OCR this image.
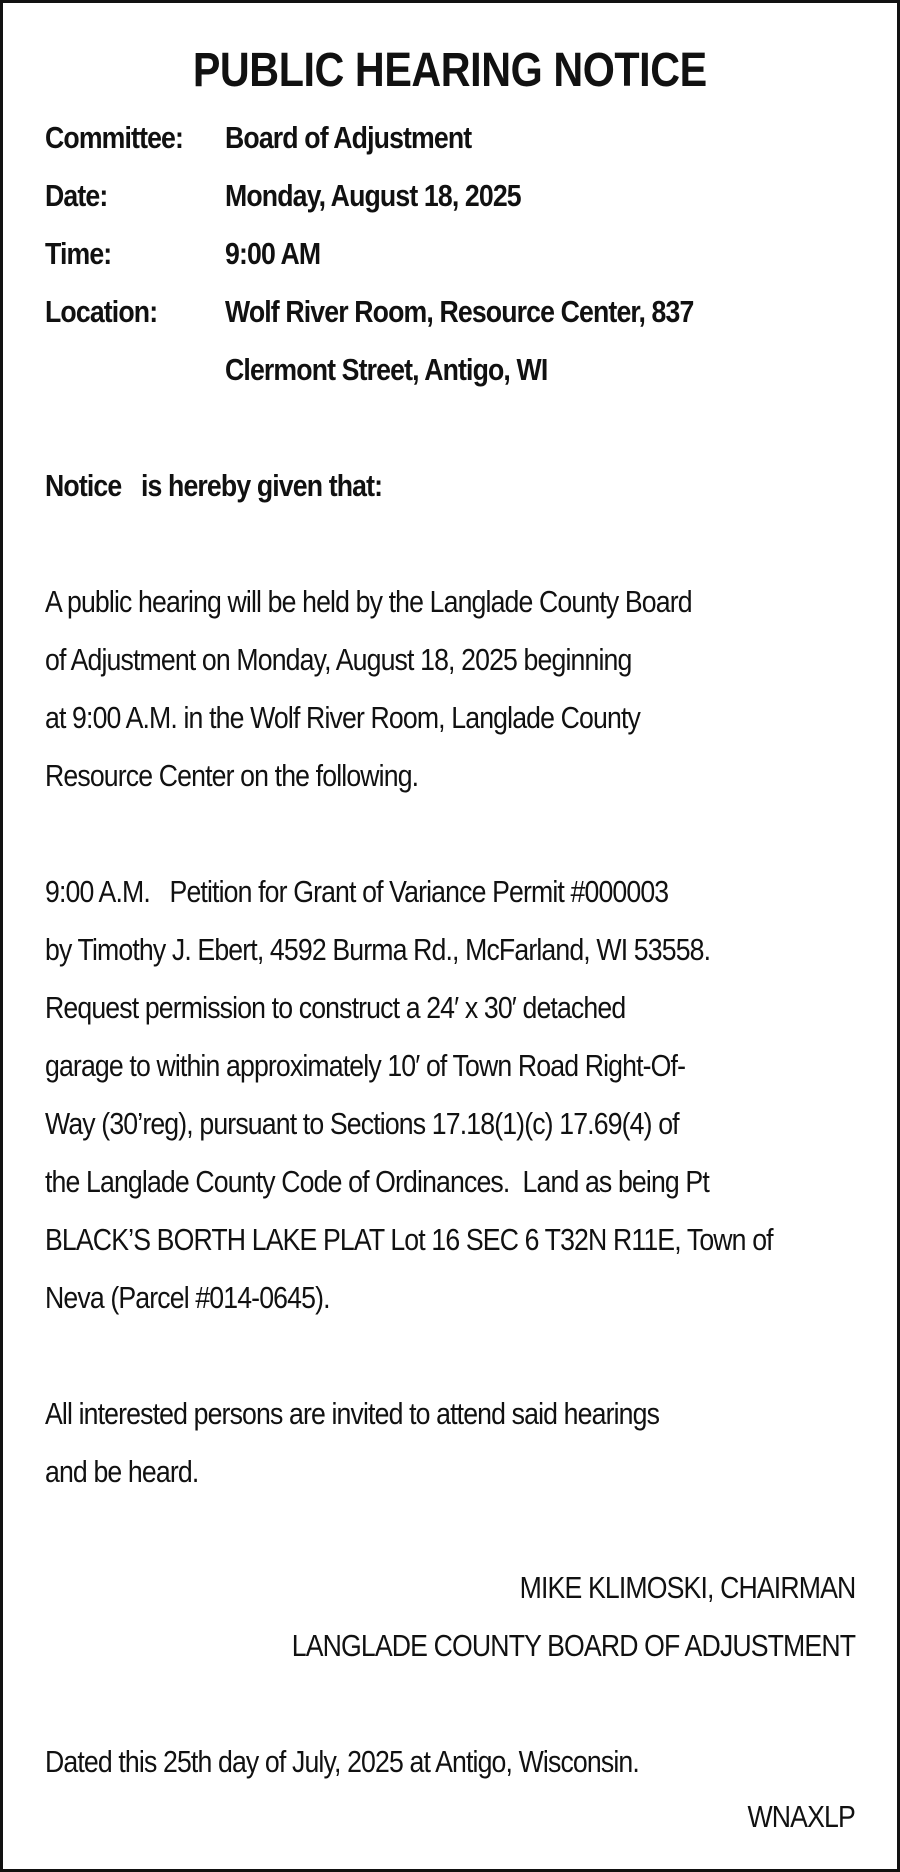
PUBLIC HEARING NOTICE
Committee:	Board of Adjustment
Date:	Monday, August 18, 2025
Time:	9:00 AM
Location:	Wolf River Room, Resource Center, 837
Clermont Street, Antigo, WI
Notice   is hereby given that:
A public hearing will be held by the Langlade County Board
of Adjustment on Monday, August 18, 2025 beginning
at 9:00 A.M. in the Wolf River Room, Langlade County
Resource Center on the following.
9:00 A.M.   Petition for Grant of Variance Permit #000003
by Timothy J. Ebert, 4592 Burma Rd., McFarland, WI 53558.
Request permission to construct a 24′ x 30′ detached
garage to within approximately 10′ of Town Road Right-Of-
Way (30’reg), pursuant to Sections 17.18(1)(c) 17.69(4) of
the Langlade County Code of Ordinances.  Land as being Pt
BLACK’S BORTH LAKE PLAT Lot 16 SEC 6 T32N R11E, Town of
Neva (Parcel #014-0645).
All interested persons are invited to attend said hearings
and be heard.
MIKE KLIMOSKI, CHAIRMAN
LANGLADE COUNTY BOARD OF ADJUSTMENT
Dated this 25th day of July, 2025 at Antigo, Wisconsin.
WNAXLP
